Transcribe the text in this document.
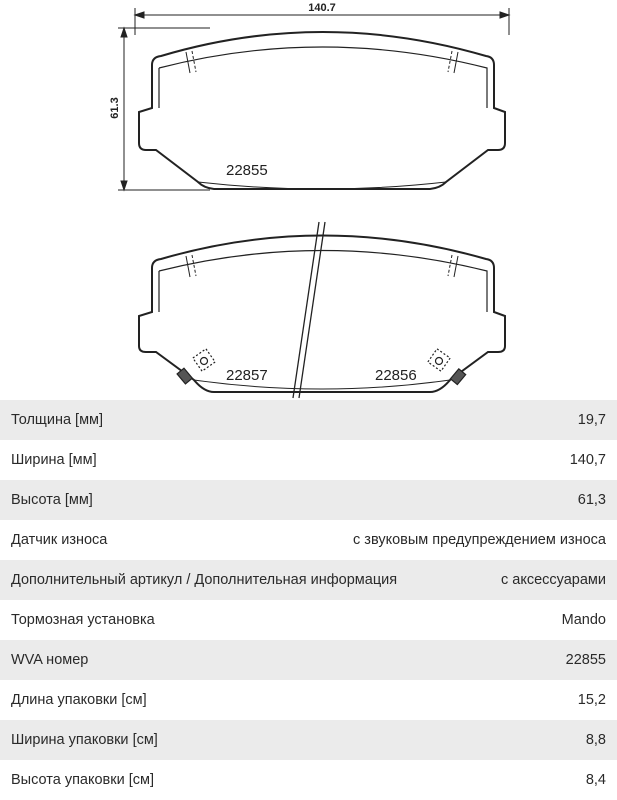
140.7
61.3
22855
22857	22856
Толщина [мм]	19,7
Ширина [мм]	140,7
Высота [мм]	61,3
Датчик износа	с звуковым предупреждением износа
Дополнительный артикул / Дополнительная информация	с аксессуарами
Тормозная установка	Mando
WVA номер	22855
Длина упаковки [см]	15,2
Ширина упаковки [см]	8,8
Высота упаковки [см]	8,4
